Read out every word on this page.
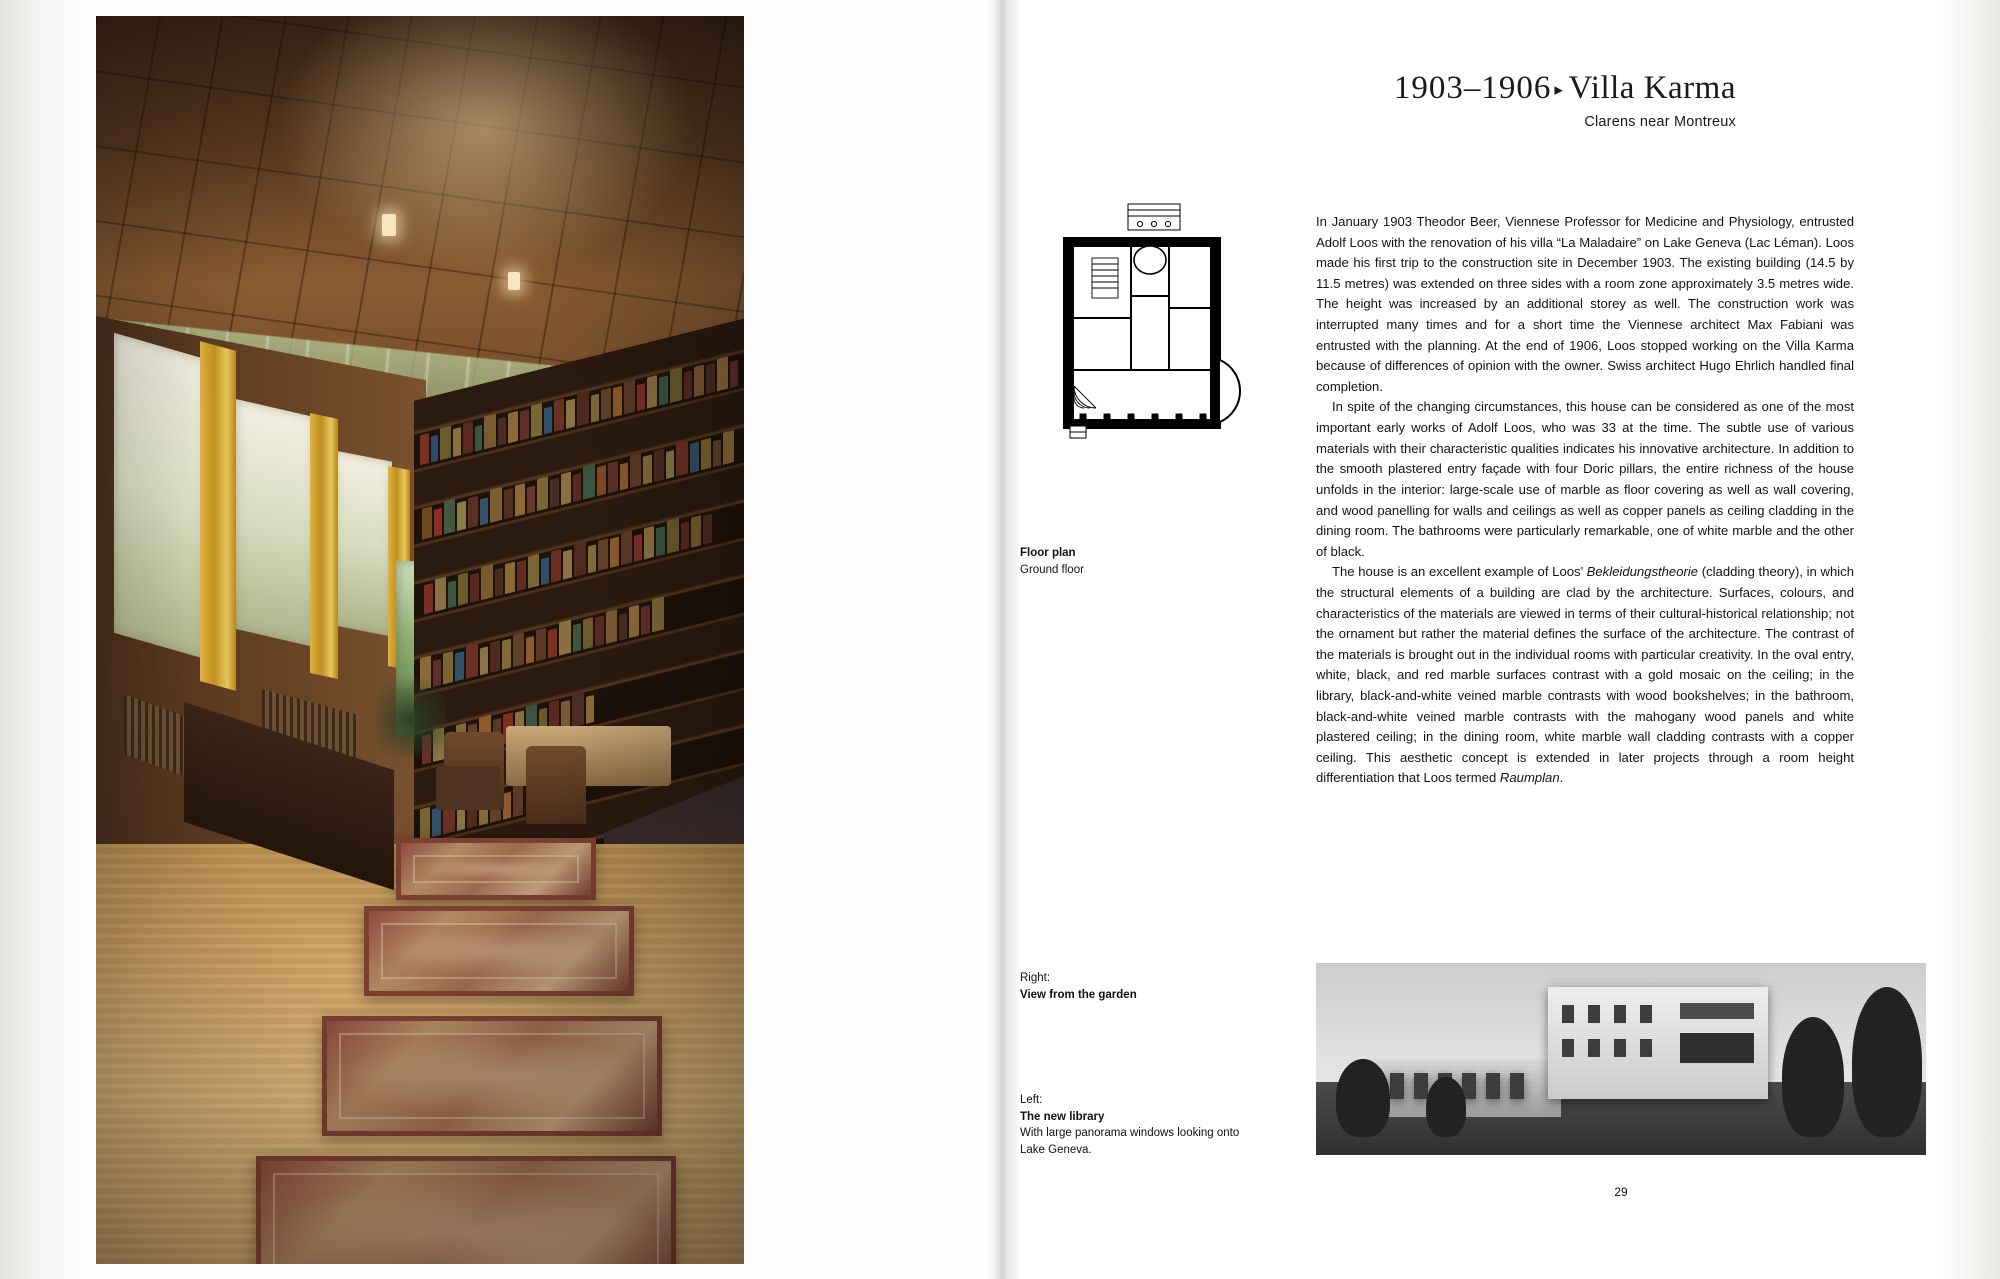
1903–1906 ▸ Villa Karma
Clarens near Montreux
Floor plan
Ground floor

In January 1903 Theodor Beer, Viennese Professor for Medicine and Physiology, entrusted Adolf Loos with the renovation of his villa “La Maladaire” on Lake Geneva (Lac Léman). Loos made his first trip to the construction site in December 1903. The existing building (14.5 by 11.5 metres) was extended on three sides with a room zone approximately 3.5 metres wide. The height was increased by an additional storey as well. The construction work was interrupted many times and for a short time the Viennese architect Max Fabiani was entrusted with the planning. At the end of 1906, Loos stopped working on the Villa Karma because of differences of opinion with the owner. Swiss architect Hugo Ehrlich handled final completion.

In spite of the changing circumstances, this house can be considered as one of the most important early works of Adolf Loos, who was 33 at the time. The subtle use of various materials with their characteristic qualities indicates his innovative architecture. In addition to the smooth plastered entry façade with four Doric pillars, the entire richness of the house unfolds in the interior: large-scale use of marble as floor covering as well as wall covering, and wood panelling for walls and ceilings as well as copper panels as ceiling cladding in the dining room. The bathrooms were particularly remarkable, one of white marble and the other of black.

The house is an excellent example of Loos’ Bekleidungstheorie (cladding theory), in which the structural elements of a building are clad by the architecture. Surfaces, colours, and characteristics of the materials are viewed in terms of their cultural-historical relationship; not the ornament but rather the material defines the surface of the architecture. The contrast of the materials is brought out in the individual rooms with particular creativity. In the oval entry, white, black, and red marble surfaces contrast with a gold mosaic on the ceiling; in the library, black-and-white veined marble contrasts with wood bookshelves; in the bathroom, black-and-white veined marble contrasts with the mahogany wood panels and white plastered ceiling; in the dining room, white marble wall cladding contrasts with a copper ceiling. This aesthetic concept is extended in later projects through a room height differentiation that Loos termed Raumplan.

Right:
View from the garden
Left:
The new library
With large panorama windows looking onto
Lake Geneva.
29
